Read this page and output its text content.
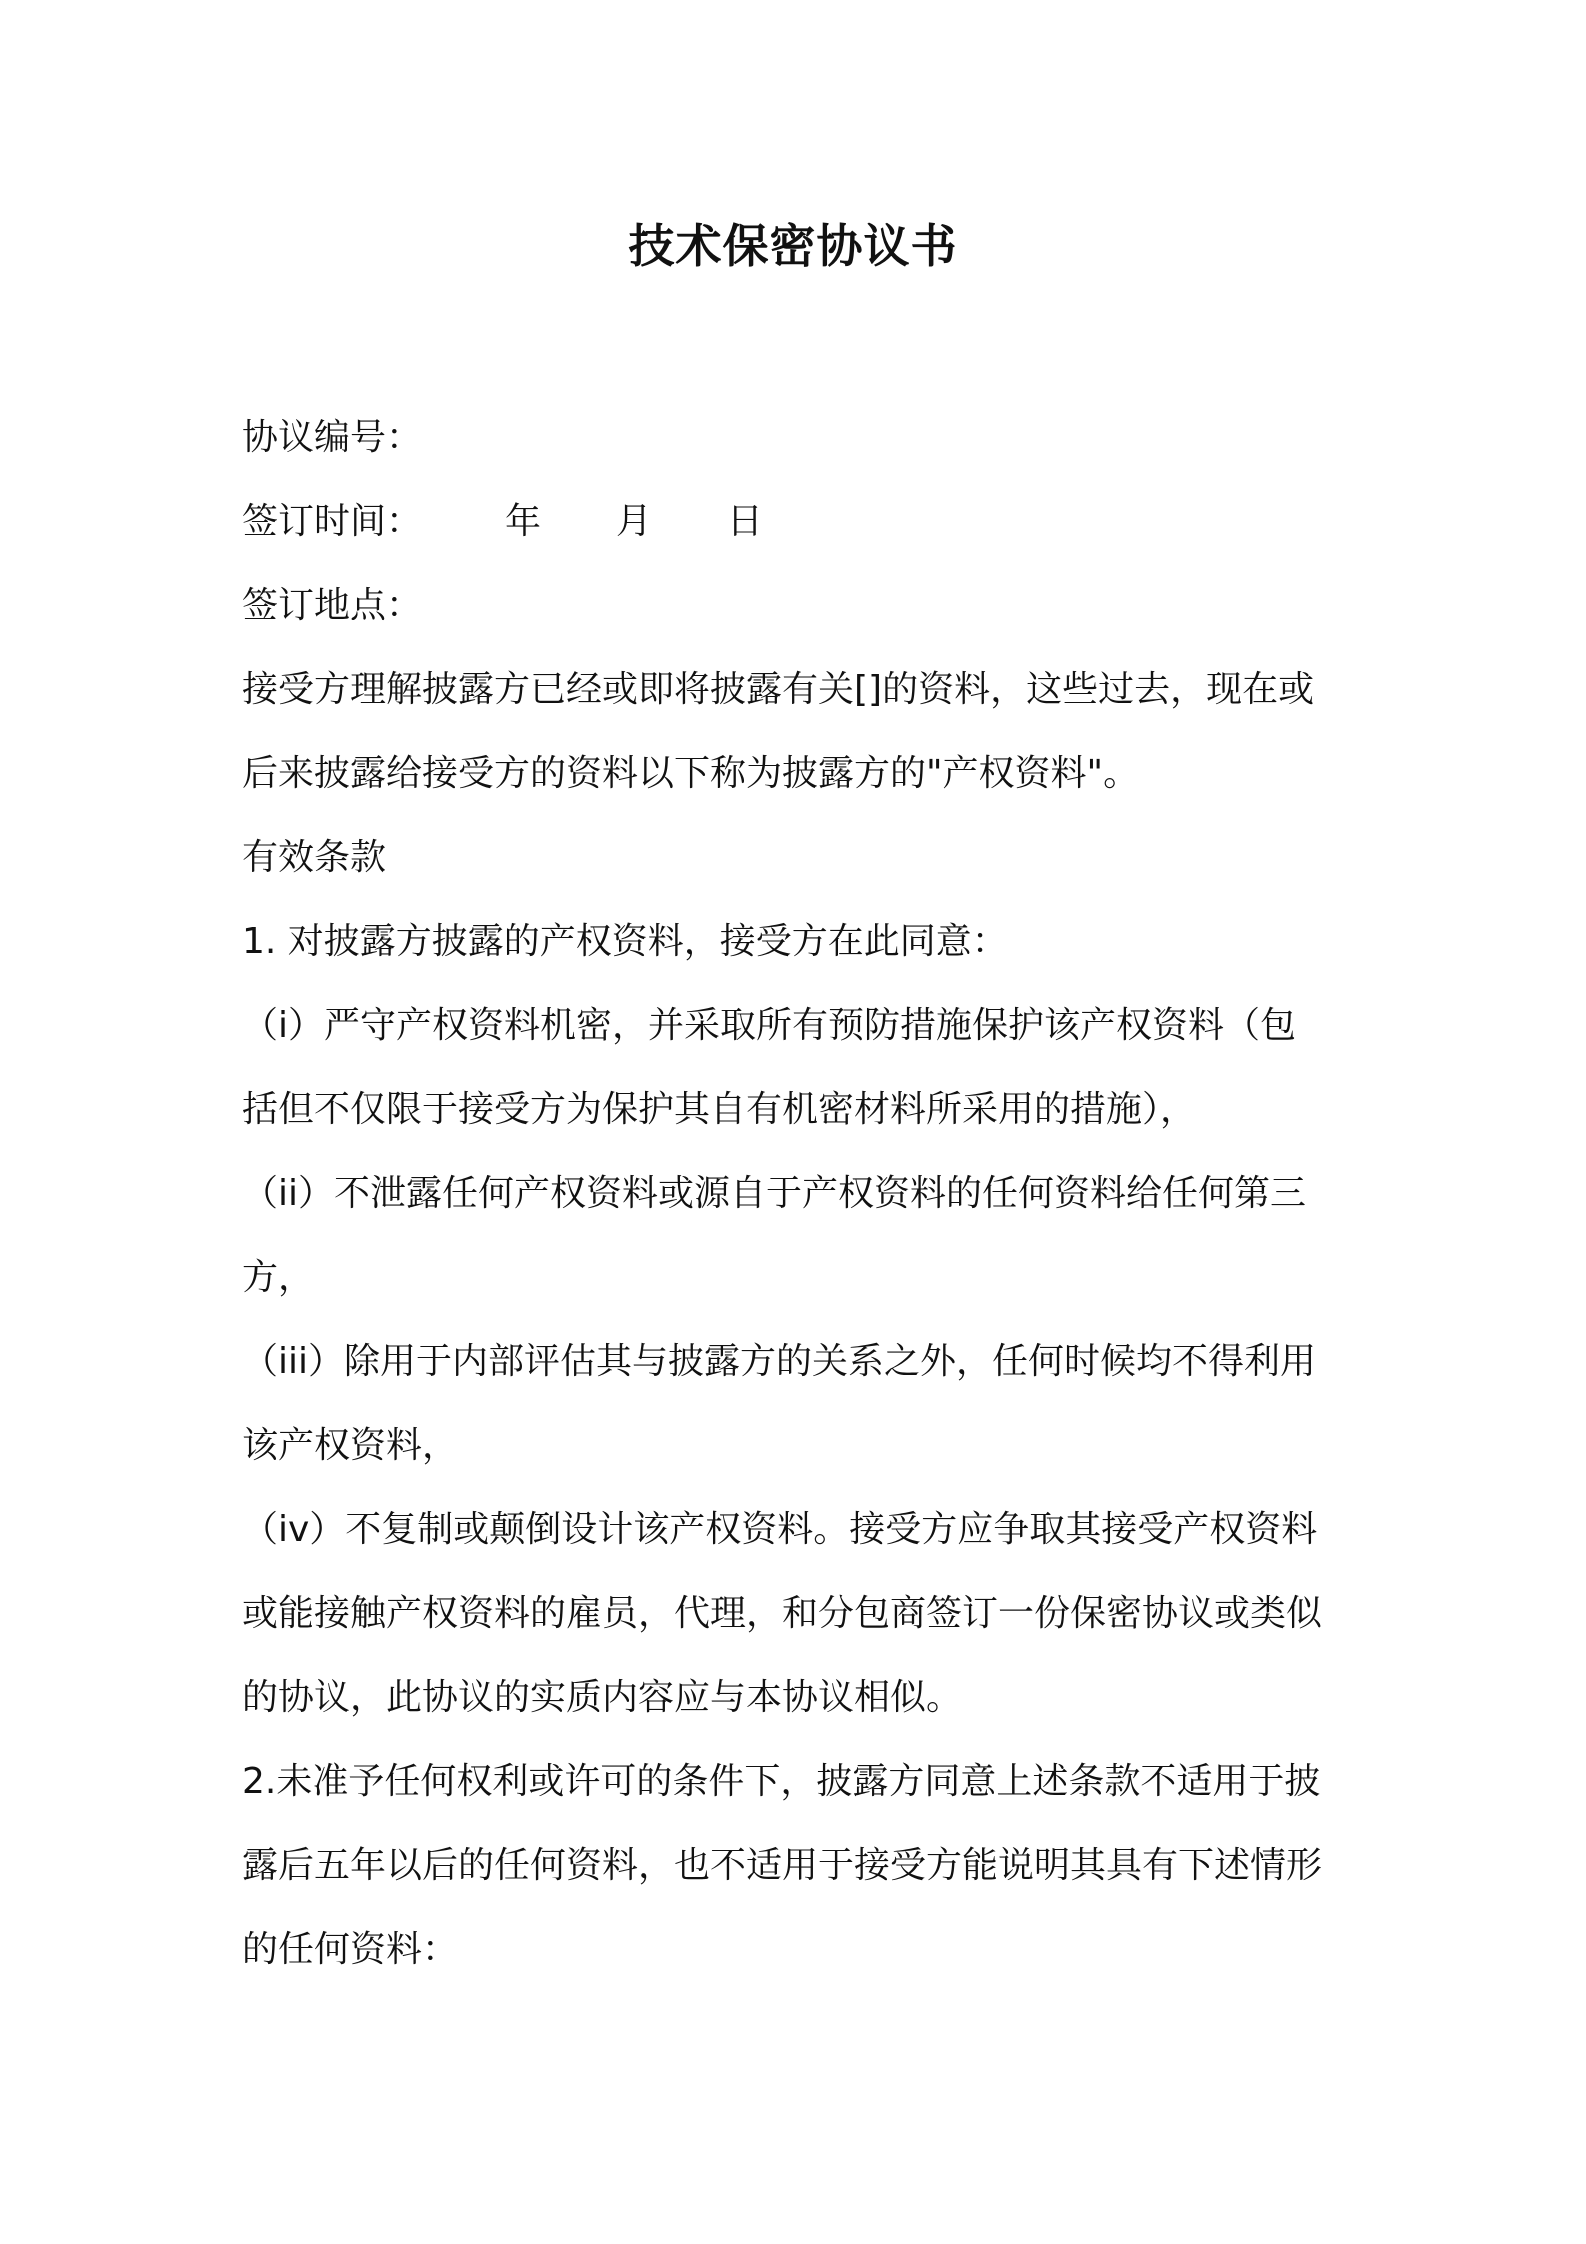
技术保密协议书
协议编号：
签订时间： 年 月 日
签订地点：
接受方理解披露方已经或即将披露有关[]的资料，这些过去，现在或
后来披露给接受方的资料以下称为披露方的"产权资料"。
有效条款
1. 对披露方披露的产权资料，接受方在此同意：
（i）严守产权资料机密，并采取所有预防措施保护该产权资料（包
括但不仅限于接受方为保护其自有机密材料所采用的措施），
（ii）不泄露任何产权资料或源自于产权资料的任何资料给任何第三
方，
（iii）除用于内部评估其与披露方的关系之外，任何时候均不得利用
该产权资料，
（iv）不复制或颠倒设计该产权资料。接受方应争取其接受产权资料
或能接触产权资料的雇员，代理，和分包商签订一份保密协议或类似
的协议，此协议的实质内容应与本协议相似。
2.未准予任何权利或许可的条件下，披露方同意上述条款不适用于披
露后五年以后的任何资料，也不适用于接受方能说明其具有下述情形
的任何资料：
